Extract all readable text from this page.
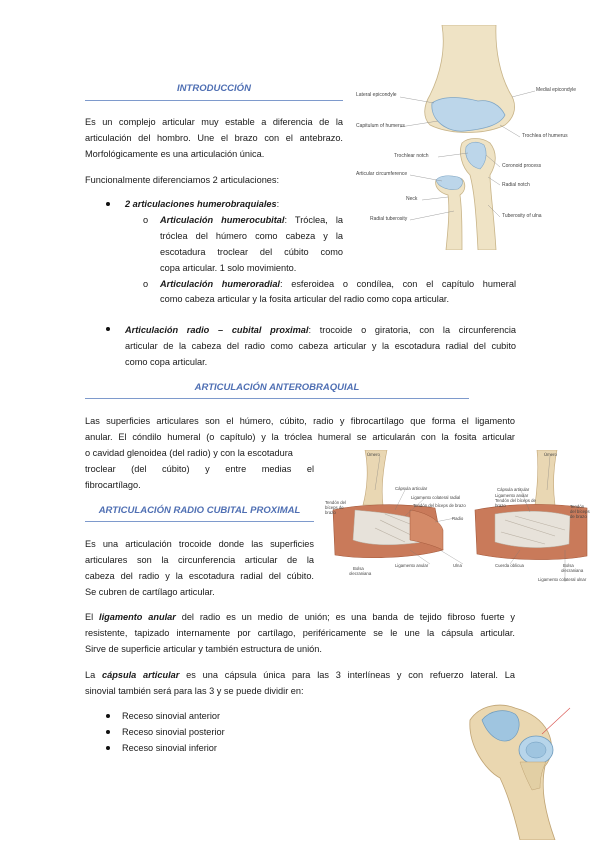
INTRODUCCIÓN
Es un complejo articular muy estable a diferencia de la
articulación del hombro. Une el brazo con el antebrazo.
Morfológicamente es una articulación única.
Funcionalmente diferenciamos 2 articulaciones:
2 articulaciones humerobraquiales:
o Articulación humerocubital: Tróclea, la
tróclea del húmero como cabeza y la
escotadura troclear del cúbito como
copa articular. 1 solo movimiento.
o Articulación humeroradial: esferoidea o condílea, con el capítulo humeral
como cabeza articular y la fosita articular del radio como copa articular.
Articulación radio – cubital proximal: trocoide o giratoria, con la circunferencia
articular de la cabeza del radio como cabeza articular y la escotadura radial del cubito
como copa articular.
Lateral epicondyle
Medial epicondyle
Capitulum of humerus
Trochlea of humerus
Trochlear notch
Coronoid process
Articular circumference
Radial notch
Neck
Radial tuberosity	Tuberosity of ulna
ARTICULACIÓN ANTEROBRAQUIAL
Las superficies articulares son el húmero, cúbito, radio y fibrocartílago que forma el ligamento
anular. El cóndilo humeral (o capítulo) y la tróclea humeral se articularán con la fosita articular
o cavidad glenoidea (del radio) y con la escotadura
troclear (del cúbito) y entre medias el
fibrocartílago.
Úmero
Cápsula articular
Ligamento colateral radial
Tendón del
bíceps de
brazo
Tendón del bíceps de brazo
Radio
Ligamento anular	Ulna
Bolsa
olecraniana
Úmero
Cápsula articular
Ligamento anular
Tendón del bíceps de
brazo	Tendón
del bíceps
de brazo
Cuerda oblicua	Bolsa
olecraniana
Ligamento colateral ulnar
ARTICULACIÓN RADIO CUBITAL PROXIMAL
Es una articulación trocoide donde las superficies
articulares son la circunferencia articular de la
cabeza del radio y la escotadura radial del cúbito.
Se cubren de cartílago articular.
El ligamento anular del radio es un medio de unión; es una banda de tejido fibroso fuerte y
resistente, tapizado internamente por cartílago, periféricamente se le une la cápsula articular.
Sirve de superficie articular y también estructura de unión.
La cápsula articular es una cápsula única para las 3 interlíneas y con refuerzo lateral. La
sinovial también será para las 3 y se puede dividir en:
Receso sinovial anterior
Receso sinovial posterior
Receso sinovial inferior
